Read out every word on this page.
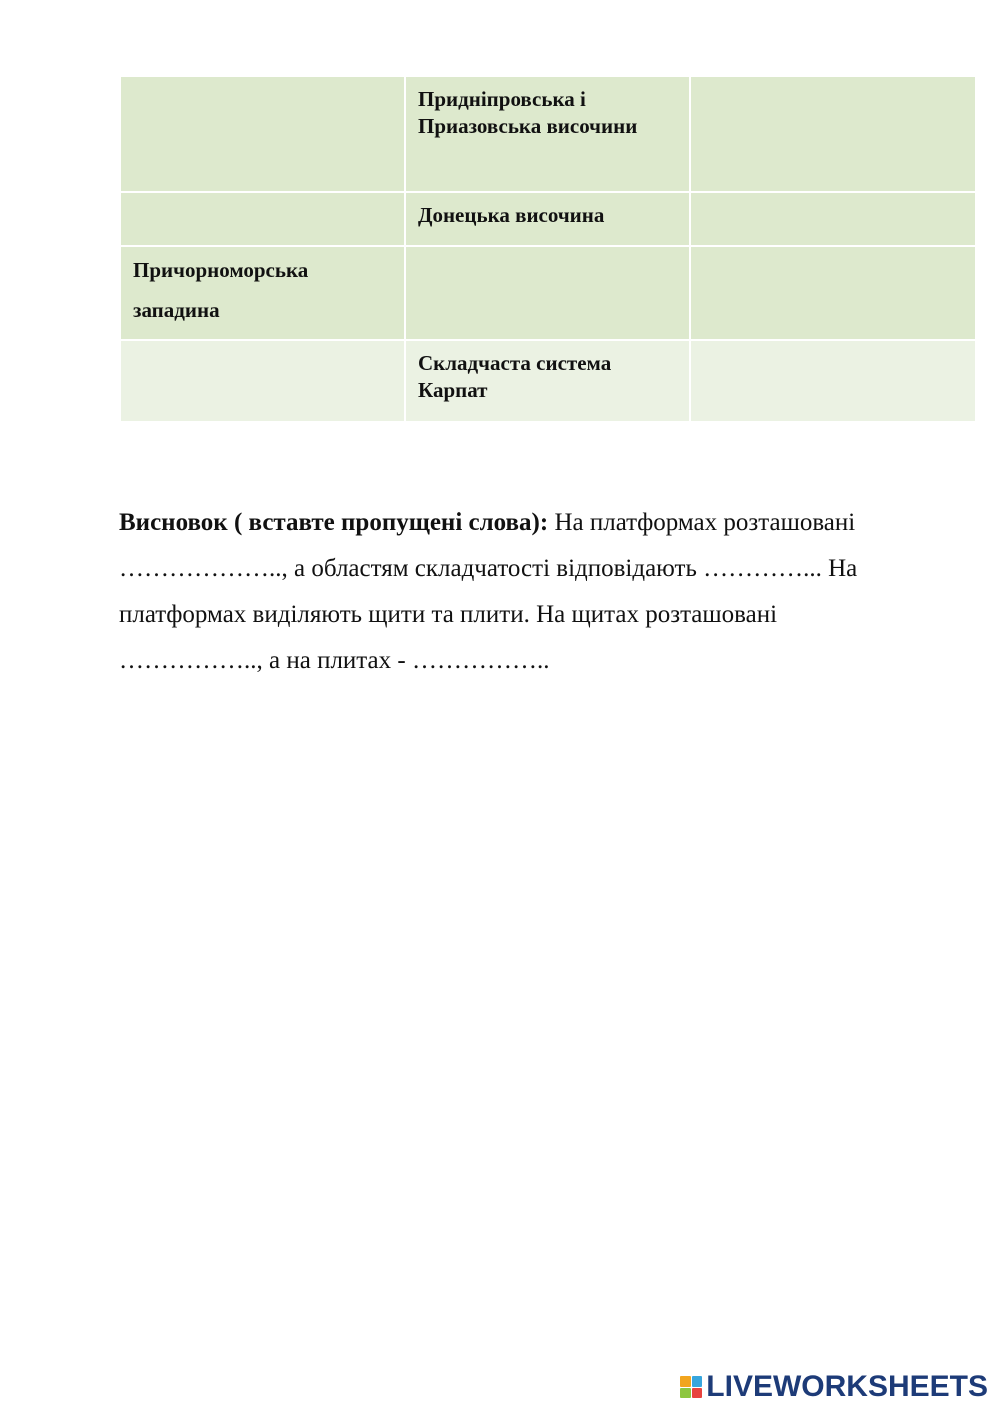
	Придніпровська і Приазовська височини	

	Донецька височина	

Причорноморська западина		

	Складчаста система Карпат	

Висновок ( вставте пропущені слова): На платформах розташовані
……………….., а областям складчатості відповідають …………... На
платформах виділяють щити та плити. На щитах розташовані
…………….., а на плитах - ……………..

LIVEWORKSHEETS
